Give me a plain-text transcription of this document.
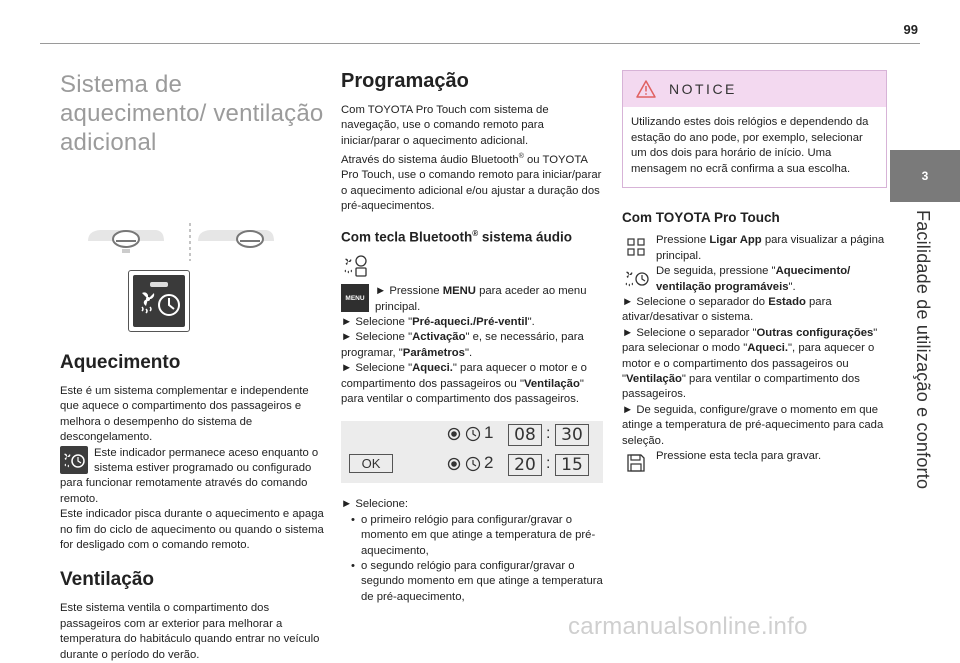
99
3
Facilidade de utilização e conforto
Sistema de aquecimento/ ventilação adicional
Aquecimento

Este é um sistema complementar e independente que aquece o compartimento dos passageiros e melhora o desempenho do sistema de descongelamento.

Este indicador permanece aceso enquanto o sistema estiver programado ou configurado para funcionar remotamente através do comando remoto.

Este indicador pisca durante o aquecimento e apaga no fim do ciclo de aquecimento ou quando o sistema for desligado com o comando remoto.

Ventilação

Este sistema ventila o compartimento dos passageiros com ar exterior para melhorar a temperatura do habitáculo quando entrar no veículo durante o período do verão.

Programação

Com TOYOTA Pro Touch com sistema de navegação, use o comando remoto para iniciar/parar o aquecimento adicional.

Através do sistema áudio Bluetooth® ou TOYOTA Pro Touch, use o comando remoto para iniciar/parar o aquecimento adicional e/ou ajustar a duração dos pré-aquecimentos.

Com tecla Bluetooth® sistema áudio
MENU

► Pressione MENU para aceder ao menu principal.

► Selecione "Pré-aqueci./Pré-ventil".

► Selecione "Activação" e, se necessário, para programar, "Parâmetros".

► Selecione "Aqueci." para aquecer o motor e o compartimento dos passageiros ou "Ventilação" para ventilar o compartimento dos passageiros.

1	08 : 30
OK	2	20 : 15

► Selecione:

• o primeiro relógio para configurar/gravar o momento em que atinge a temperatura de pré-aquecimento,
• o segundo relógio para configurar/gravar o segundo momento em que atinge a temperatura de pré-aquecimento,
NOTICE

Utilizando estes dois relógios e dependendo da estação do ano pode, por exemplo, selecionar um dos dois para horário de início. Uma mensagem no ecrã confirma a sua escolha.

Com TOYOTA Pro Touch

Pressione Ligar App para visualizar a página principal.

De seguida, pressione "Aquecimento/ ventilação programáveis".

► Selecione o separador do Estado para ativar/desativar o sistema.

► Selecione o separador "Outras configurações" para selecionar o modo "Aqueci.", para aquecer o motor e o compartimento dos passageiros ou "Ventilação" para ventilar o compartimento dos passageiros.

► De seguida, configure/grave o momento em que atinge a temperatura de pré-aquecimento para cada seleção.

Pressione esta tecla para gravar.

carmanualsonline.info
